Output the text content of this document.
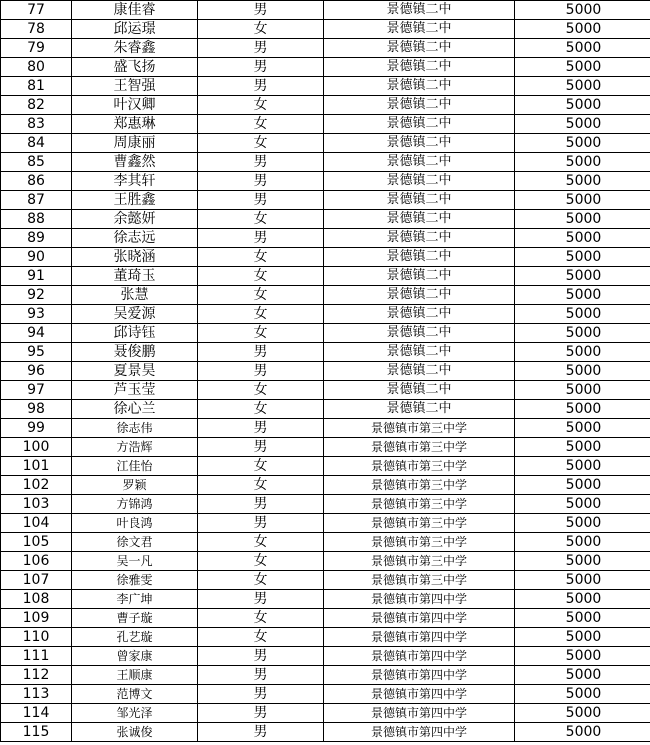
77	康佳睿	男	景德镇二中	5000
78	邱运璟	女	景德镇二中	5000
79	朱睿鑫	男	景德镇二中	5000
80	盛飞扬	男	景德镇二中	5000
81	王智强	男	景德镇二中	5000
82	叶汉卿	女	景德镇二中	5000
83	郑惠琳	女	景德镇二中	5000
84	周康丽	女	景德镇二中	5000
85	曹鑫然	男	景德镇二中	5000
86	李其轩	男	景德镇二中	5000
87	王胜鑫	男	景德镇二中	5000
88	余懿妍	女	景德镇二中	5000
89	徐志远	男	景德镇二中	5000
90	张晓涵	女	景德镇二中	5000
91	董琦玉	女	景德镇二中	5000
92	张慧	女	景德镇二中	5000
93	吴爱源	女	景德镇二中	5000
94	邱诗钰	女	景德镇二中	5000
95	聂俊鹏	男	景德镇二中	5000
96	夏景昊	男	景德镇二中	5000
97	芦玉莹	女	景德镇二中	5000
98	徐心兰	女	景德镇二中	5000
99	徐志伟	男	景德镇市第三中学	5000
100	方浩辉	男	景德镇市第三中学	5000
101	江佳怡	女	景德镇市第三中学	5000
102	罗颖	女	景德镇市第三中学	5000
103	方锦鸿	男	景德镇市第三中学	5000
104	叶良鸿	男	景德镇市第三中学	5000
105	徐文君	女	景德镇市第三中学	5000
106	吴一凡	女	景德镇市第三中学	5000
107	徐雅雯	女	景德镇市第三中学	5000
108	李广坤	男	景德镇市第四中学	5000
109	曹子璇	女	景德镇市第四中学	5000
110	孔艺璇	女	景德镇市第四中学	5000
111	曾家康	男	景德镇市第四中学	5000
112	王顺康	男	景德镇市第四中学	5000
113	范博文	男	景德镇市第四中学	5000
114	邹光泽	男	景德镇市第四中学	5000
115	张诚俊	男	景德镇市第四中学	5000
